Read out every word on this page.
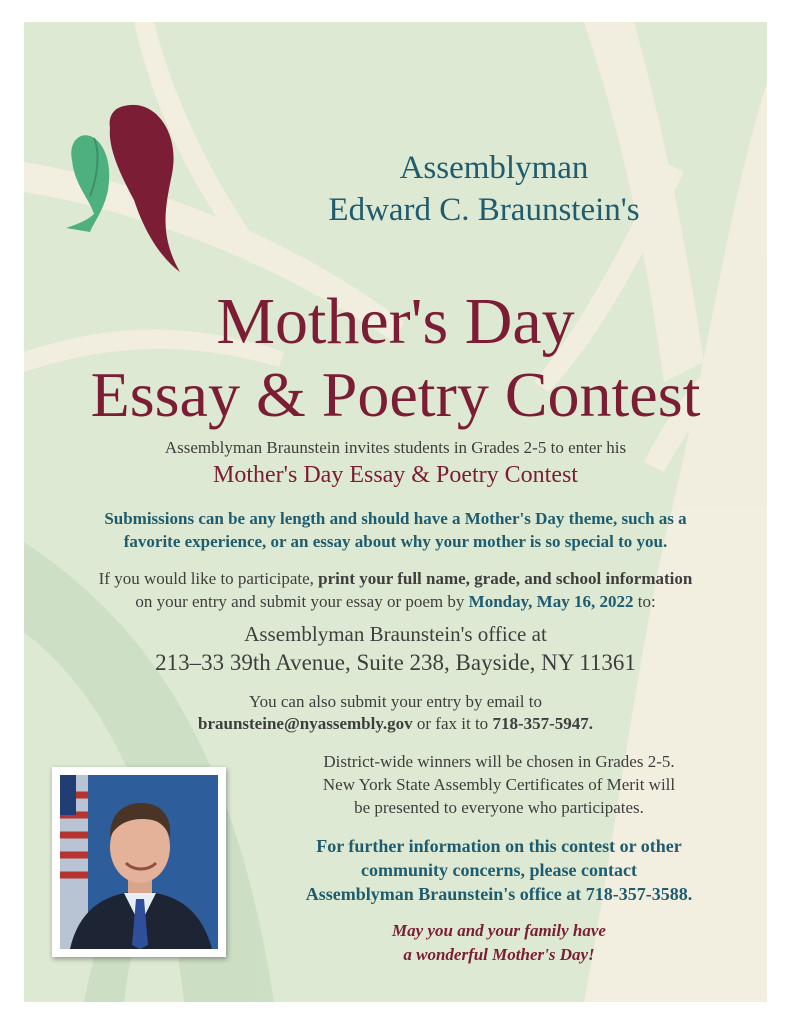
Assemblyman
Edward C. Braunstein's
Mother's Day
Essay & Poetry Contest
Assemblyman Braunstein invites students in Grades 2-5 to enter his
Mother's Day Essay & Poetry Contest
Submissions can be any length and should have a Mother's Day theme, such as a
favorite experience, or an essay about why your mother is so special to you.
If you would like to participate, print your full name, grade, and school information
on your entry and submit your essay or poem by Monday, May 16, 2022 to:
Assemblyman Braunstein's office at
213–33 39th Avenue, Suite 238, Bayside, NY 11361
You can also submit your entry by email to
braunsteine@nyassembly.gov or fax it to 718-357-5947.
District-wide winners will be chosen in Grades 2-5.
New York State Assembly Certificates of Merit will
be presented to everyone who participates.
For further information on this contest or other
community concerns, please contact
Assemblyman Braunstein's office at 718-357-3588.
May you and your family have
a wonderful Mother's Day!
